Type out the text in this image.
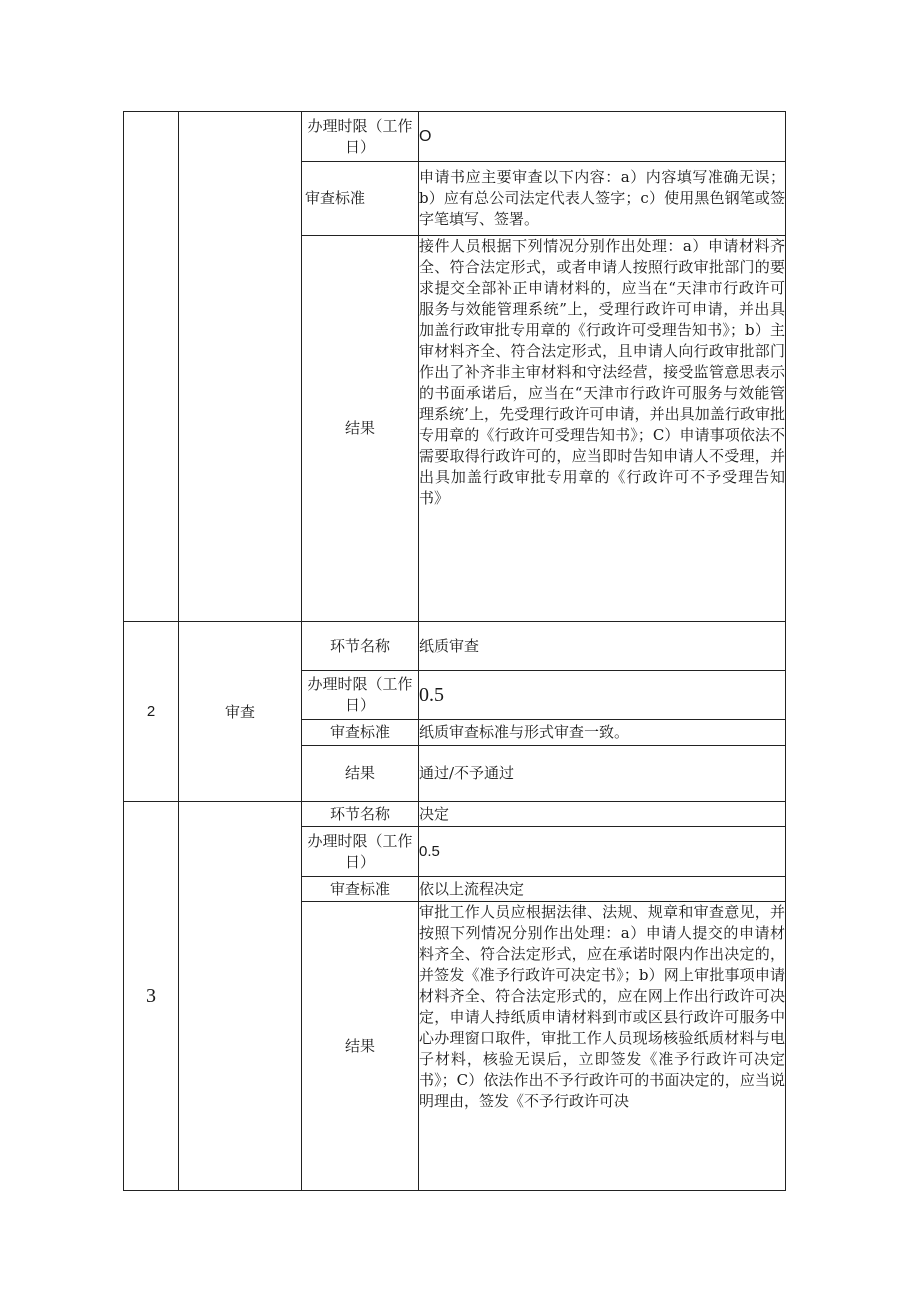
		办理时限（工作日）	O
		审查标准	申请书应主要审查以下内容：a）内容填写准确无误；b）应有总公司法定代表人签字；c）使用黑色钢笔或签字笔填写、签署。
		结果	接件人员根据下列情况分别作出处理：a）申请材料齐全、符合法定形式，或者申请人按照行政审批部门的要求提交全部补正申请材料的，应当在“天津市行政许可服务与效能管理系统”上，受理行政许可申请，并出具加盖行政审批专用章的《行政许可受理告知书》；b）主审材料齐全、符合法定形式，且申请人向行政审批部门作出了补齐非主审材料和守法经营，接受监管意思表示的书面承诺后，应当在“天津市行政许可服务与效能管理系统’上，先受理行政许可申请，并出具加盖行政审批专用章的《行政许可受理告知书》；C）申请事项依法不需要取得行政许可的，应当即时告知申请人不受理，并出具加盖行政审批专用章的《行政许可不予受理告知书》
2	审查	环节名称	纸质审查
		办理时限（工作日）	0.5
		审查标准	纸质审查标准与形式审查一致。
		结果	通过/不予通过
3		环节名称	决定
		办理时限（工作日）	0.5
		审查标准	依以上流程决定
		结果	审批工作人员应根据法律、法规、规章和审查意见，并按照下列情况分别作出处理：a）申请人提交的申请材料齐全、符合法定形式，应在承诺时限内作出决定的，并签发《准予行政许可决定书》；b）网上审批事项申请材料齐全、符合法定形式的，应在网上作出行政许可决定，申请人持纸质申请材料到市或区县行政许可服务中心办理窗口取件，审批工作人员现场核验纸质材料与电子材料，核验无误后，立即签发《准予行政许可决定书》；C）依法作出不予行政许可的书面决定的，应当说明理由，签发《不予行政许可决
